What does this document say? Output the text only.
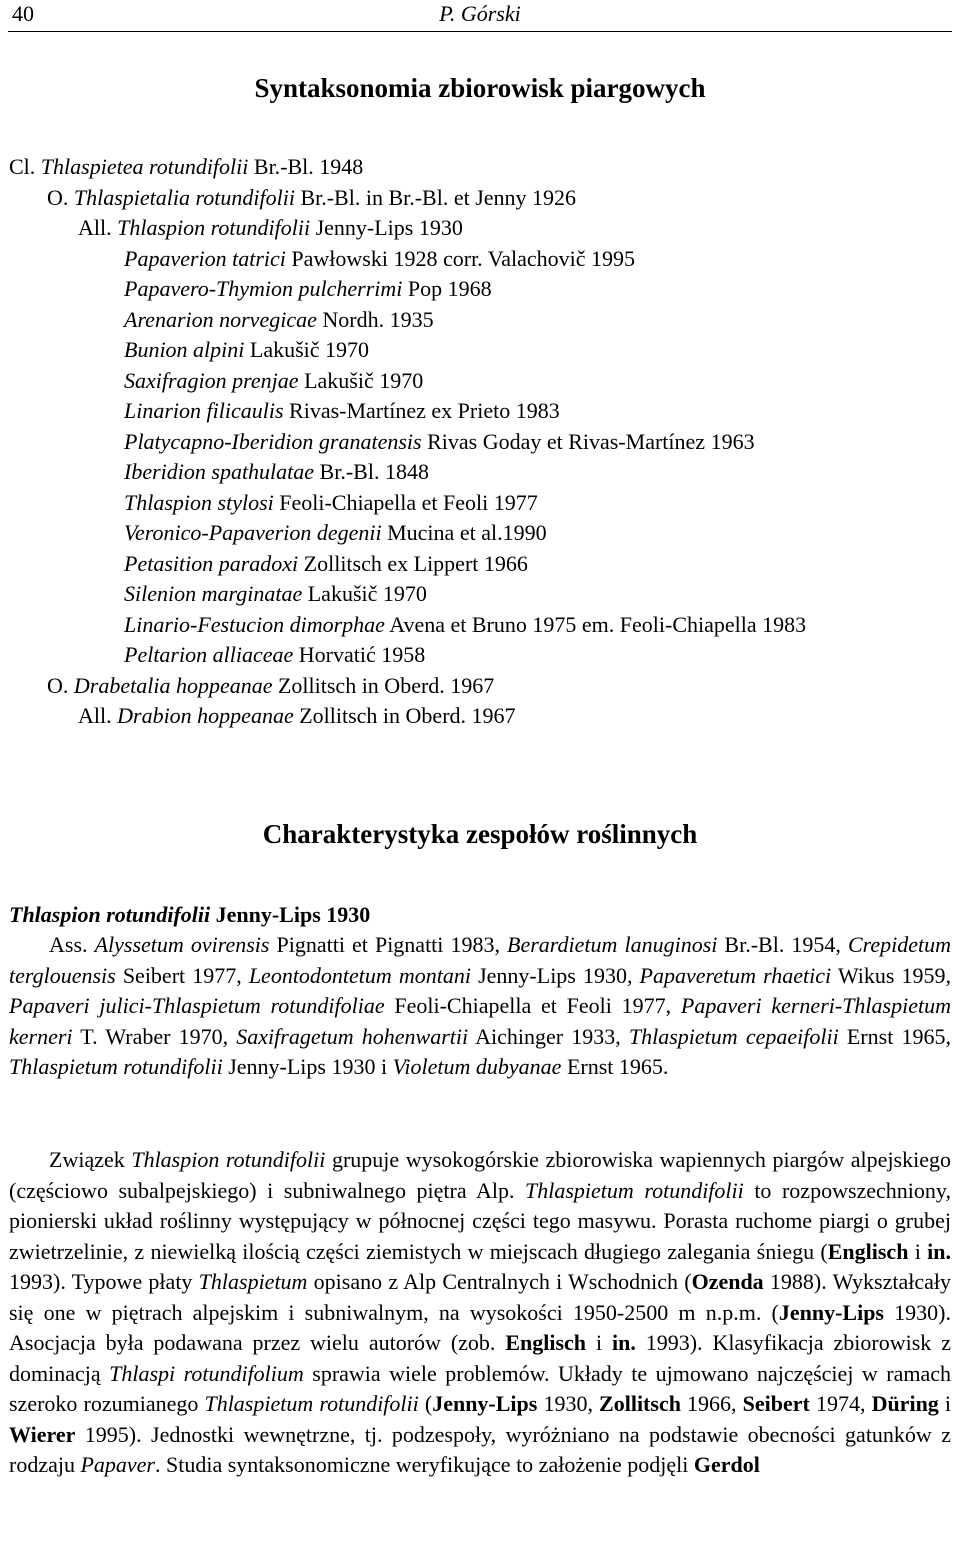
40	P. Górski
Syntaksonomia zbiorowisk piargowych
Cl. Thlaspietea rotundifolii Br.-Bl. 1948
O. Thlaspietalia rotundifolii Br.-Bl. in Br.-Bl. et Jenny 1926
All. Thlaspion rotundifolii Jenny-Lips 1930
Papaverion tatrici Pawłowski 1928 corr. Valachovič 1995
Papavero-Thymion pulcherrimi Pop 1968
Arenarion norvegicae Nordh. 1935
Bunion alpini Lakušič 1970
Saxifragion prenjae Lakušič 1970
Linarion filicaulis Rivas-Martínez ex Prieto 1983
Platycapno-Iberidion granatensis Rivas Goday et Rivas-Martínez 1963
Iberidion spathulatae Br.-Bl. 1848
Thlaspion stylosi Feoli-Chiapella et Feoli 1977
Veronico-Papaverion degenii Mucina et al.1990
Petasition paradoxi Zollitsch ex Lippert 1966
Silenion marginatae Lakušič 1970
Linario-Festucion dimorphae Avena et Bruno 1975 em. Feoli-Chiapella 1983
Peltarion alliaceae Horvatić 1958
O. Drabetalia hoppeanae Zollitsch in Oberd. 1967
All. Drabion hoppeanae Zollitsch in Oberd. 1967
Charakterystyka zespołów roślinnych
Thlaspion rotundifolii Jenny-Lips 1930

Ass. Alyssetum ovirensis Pignatti et Pignatti 1983, Berardietum lanuginosi Br.-Bl. 1954, Crepidetum terglouensis Seibert 1977, Leontodontetum montani Jenny-Lips 1930, Papaveretum rhaetici Wikus 1959, Papaveri julici-Thlaspietum rotundifoliae Feoli-Chiapella et Feoli 1977, Papaveri kerneri-Thlaspietum kerneri T. Wraber 1970, Saxifragetum hohenwartii Aichinger 1933, Thlaspietum cepaeifolii Ernst 1965, Thlaspietum rotundifolii Jenny-Lips 1930 i Violetum dubyanae Ernst 1965.

Związek Thlaspion rotundifolii grupuje wysokogórskie zbiorowiska wapiennych piargów alpejskiego (częściowo subalpejskiego) i subniwalnego piętra Alp. Thlaspietum rotundifolii to rozpowszechniony, pionierski układ roślinny występujący w północnej części tego masywu. Porasta ruchome piargi o grubej zwietrzelinie, z niewielką ilością części ziemistych w miejscach długiego zalegania śniegu (Englisch i in. 1993). Typowe płaty Thlaspietum opisano z Alp Centralnych i Wschodnich (Ozenda 1988). Wykształcały się one w piętrach alpejskim i subniwalnym, na wysokości 1950-2500 m n.p.m. (Jenny-Lips 1930). Asocjacja była podawana przez wielu autorów (zob. Englisch i in. 1993). Klasyfikacja zbiorowisk z dominacją Thlaspi rotundifolium sprawia wiele problemów. Układy te ujmowano najczęściej w ramach szeroko rozumianego Thlaspietum rotundifolii (Jenny-Lips 1930, Zollitsch 1966, Seibert 1974, Düring i Wierer 1995). Jednostki wewnętrzne, tj. podzespoły, wyróżniano na podstawie obecności gatunków z rodzaju Papaver. Studia syntaksonomiczne weryfikujące to założenie podjęli Gerdol
